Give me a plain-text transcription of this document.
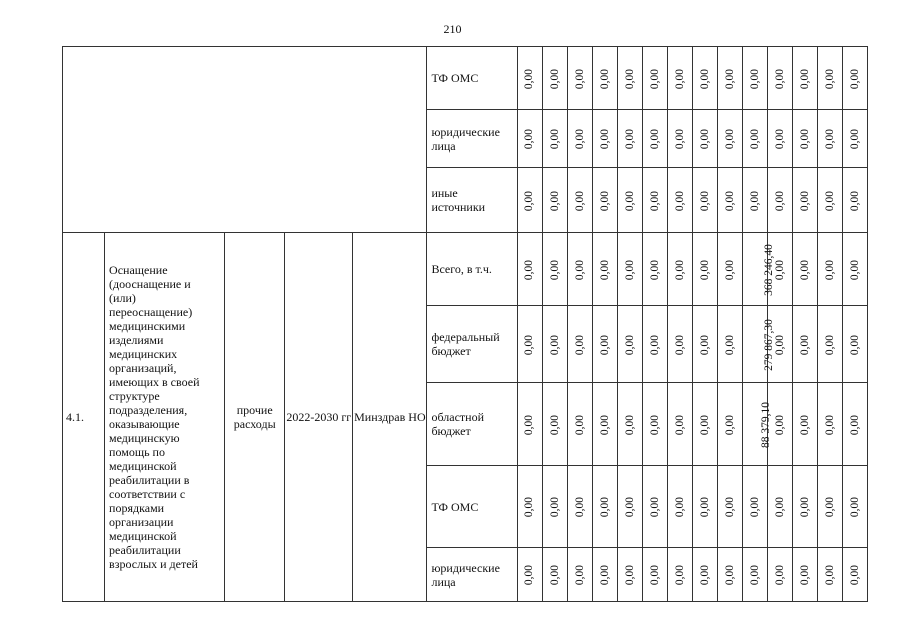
210
					ТФ ОМС	0,00	0,00	0,00	0,00	0,00	0,00	0,00	0,00	0,00	0,00	0,00	0,00	0,00	0,00
					юридические лица	0,00	0,00	0,00	0,00	0,00	0,00	0,00	0,00	0,00	0,00	0,00	0,00	0,00	0,00
					иные источники	0,00	0,00	0,00	0,00	0,00	0,00	0,00	0,00	0,00	0,00	0,00	0,00	0,00	0,00
4.1.	Оснащение (дооснащение и (или) переоснащение) медицинскими изделиями медицинских организаций, имеющих в своей структуре подразделения, оказывающие медицинскую помощь по медицинской реабилитации в соответствии с порядками организации медицинской реабилитации взрослых и детей	прочие расходы	2022-2030 гг	Минздрав НО	Всего, в т.ч.	0,00	0,00	0,00	0,00	0,00	0,00	0,00	0,00	0,00	368 246,40	0,00	0,00	0,00	0,00
					федеральный бюджет	0,00	0,00	0,00	0,00	0,00	0,00	0,00	0,00	0,00	279 867,30	0,00	0,00	0,00	0,00
					областной бюджет	0,00	0,00	0,00	0,00	0,00	0,00	0,00	0,00	0,00	88 379,10	0,00	0,00	0,00	0,00
					ТФ ОМС	0,00	0,00	0,00	0,00	0,00	0,00	0,00	0,00	0,00	0,00	0,00	0,00	0,00	0,00
					юридические лица	0,00	0,00	0,00	0,00	0,00	0,00	0,00	0,00	0,00	0,00	0,00	0,00	0,00	0,00
